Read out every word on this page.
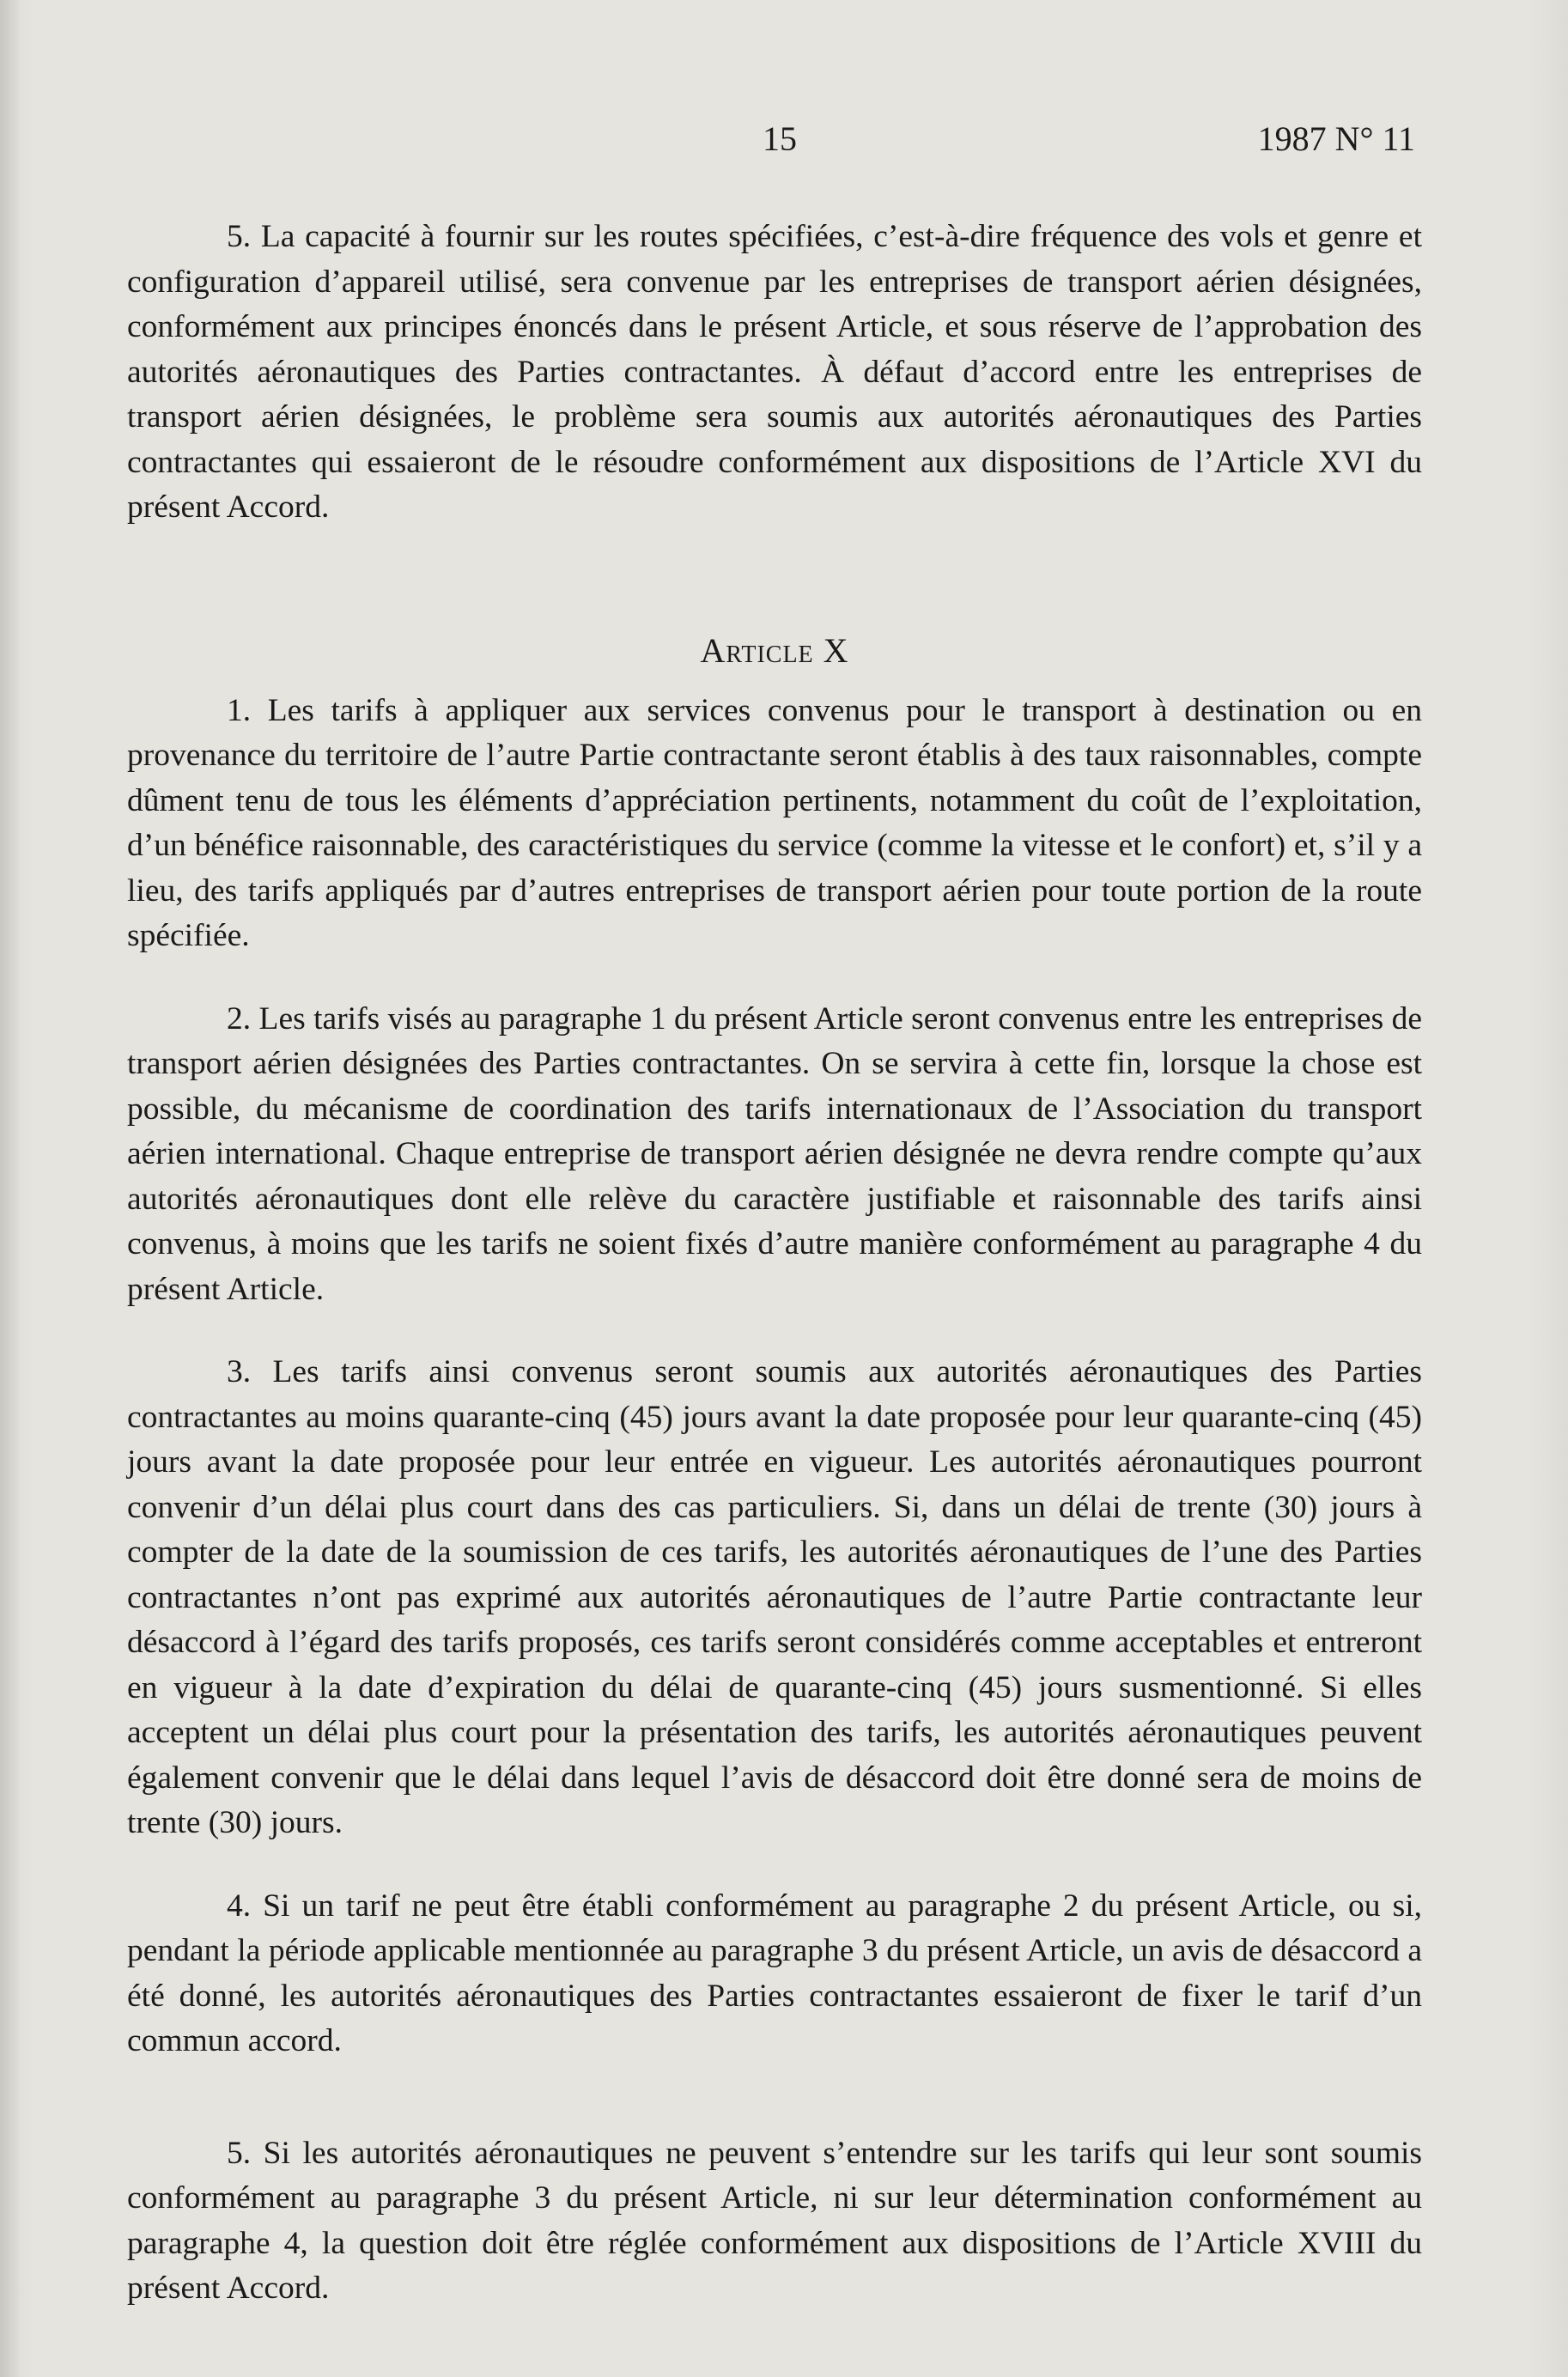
15	1987 N° 11

5. La capacité à fournir sur les routes spécifiées, c’est-à-dire fréquence des vols et genre et configuration d’appareil utilisé, sera convenue par les entreprises de transport aérien désignées, conformément aux principes énoncés dans le présent Article, et sous réserve de l’approbation des autorités aéronautiques des Parties contractantes. À défaut d’accord entre les entreprises de transport aérien désignées, le problème sera soumis aux autorités aéronautiques des Parties contractantes qui essaieront de le résoudre conformément aux dispositions de l’Article XVI du présent Accord.

Article X

1. Les tarifs à appliquer aux services convenus pour le transport à destination ou en provenance du territoire de l’autre Partie contractante seront établis à des taux raisonnables, compte dûment tenu de tous les éléments d’appréciation pertinents, notamment du coût de l’exploitation, d’un bénéfice raisonnable, des caractéristiques du service (comme la vitesse et le confort) et, s’il y a lieu, des tarifs appliqués par d’autres entreprises de transport aérien pour toute portion de la route spécifiée.

2. Les tarifs visés au paragraphe 1 du présent Article seront convenus entre les entreprises de transport aérien désignées des Parties contractantes. On se servira à cette fin, lorsque la chose est possible, du mécanisme de coordination des tarifs internationaux de l’Association du transport aérien international. Chaque entreprise de transport aérien désignée ne devra rendre compte qu’aux autorités aéronautiques dont elle relève du caractère justifiable et raisonnable des tarifs ainsi convenus, à moins que les tarifs ne soient fixés d’autre manière conformément au paragraphe 4 du présent Article.

3. Les tarifs ainsi convenus seront soumis aux autorités aéronautiques des Parties contractantes au moins quarante-cinq (45) jours avant la date proposée pour leur quarante-cinq (45) jours avant la date proposée pour leur entrée en vigueur. Les autorités aéronautiques pourront convenir d’un délai plus court dans des cas particuliers. Si, dans un délai de trente (30) jours à compter de la date de la soumission de ces tarifs, les autorités aéronautiques de l’une des Parties contractantes n’ont pas exprimé aux autorités aéronautiques de l’autre Partie contractante leur désaccord à l’égard des tarifs proposés, ces tarifs seront considérés comme acceptables et entreront en vigueur à la date d’expiration du délai de quarante-cinq (45) jours susmentionné. Si elles acceptent un délai plus court pour la présentation des tarifs, les autorités aéronautiques peuvent également convenir que le délai dans lequel l’avis de désaccord doit être donné sera de moins de trente (30) jours.

4. Si un tarif ne peut être établi conformément au paragraphe 2 du présent Article, ou si, pendant la période applicable mentionnée au paragraphe 3 du présent Article, un avis de désaccord a été donné, les autorités aéronautiques des Parties contractantes essaieront de fixer le tarif d’un commun accord.

5. Si les autorités aéronautiques ne peuvent s’entendre sur les tarifs qui leur sont soumis conformément au paragraphe 3 du présent Article, ni sur leur détermination conformément au paragraphe 4, la question doit être réglée conformément aux dispositions de l’Article XVIII du présent Accord.
